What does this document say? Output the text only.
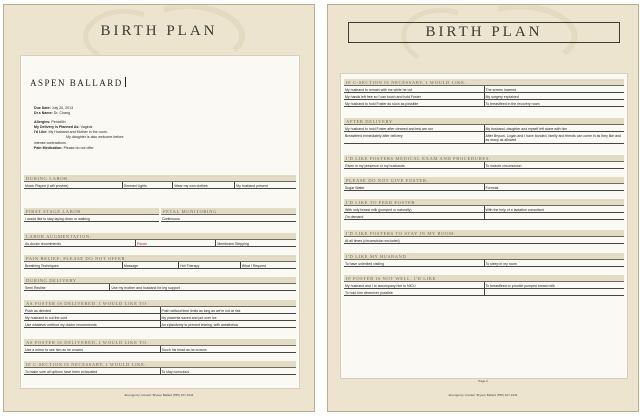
BIRTH PLAN
ASPEN BALLARD
Due Date: July 20, 2013
Dr.s Name: Dr. Chang
Allergies: Penicillin
My Delivery is Planned As: Vaginal
I'd Like: My Husband and Mother in the room.
My daughter is also welcome before
intense contractions
Pain Medication: Please do not offer
DURING LABOR
Music Played (I will provide)	Dimmed Lights	Wear my own clothes	My husband present
FIRST STAGE LABOR
I would like to stay laying down or walking
FETAL MONITORING
Continuous
LABOR AUGMENTATION:
As doctor recommends	Pitocin	Membrane Stripping
PAIN RELIEF: PLEASE DO NOT OFFER
Breathing Techniques	Massage	Hot Therapy	What I Request
DURING DELIVERY
Semi Recline	Use my mother and husband for leg support
AS FOSTER IS DELIVERED, I WOULD LIKE TO:
Push as directed	Push without time limits as long as we're not at risk
My husband to cut the cord	My placenta saved and put over ice
Use whatever method my doctor recommends	An episiotomy to prevent tearing, with anesthesia
AS FOSTER IS DELIVERED, I WOULD LIKE TO:
Use a mirror to see him as he crowns	Touch his head as he crowns
IF C-SECTION IS NECESSARY, I WOULD LIKE:
To make sure all options have been exhausted	To stay conscious
Emergency Contact: Bryson Ballard (555) 427-1944
BIRTH PLAN
IF C-SECTION IS NECESSARY, I WOULD LIKE:
My husband to remain with me while he cut	The screen lowered
My hands left free so I can touch and hold Foster	My surgery explained
My husband to hold Foster as soon as possible	To breastfeed in the recovery room
AFTER DELIVERY
My husband to hold Foster after cleaned and test are run	My husband, daughter and myself left alone with him
Breastfeed immediately after delivery	After Bryson, Logan and I have bonded, family and friends can come in as they like and as many as allowed
I'D LIKE FOSTERS MEDICAL EXAM AND PROCEDURES:
Given in my presence or my husbands	To include circumcision
PLEASE DO NOT GIVE FOSTER:
Sugar Water	Formula
I'D LIKE TO FEED FOSTER
With only breast milk (pumped or naturally)	With the help of a lactation consultant
On demand
I'D LIKE FOSTERS TO STAY IN MY ROOM:
At all times (circumcision excluded)
I'D LIKE MY HUSBAND
To have unlimited visiting	To sleep in my room
IF FOSTER IS NOT WELL, I'D LIKE
My husband and I to accompany him to NICU	To breastfeed or provide pumped breast milk
To hold him whenever possible
Page 2
Emergency Contact: Bryson Ballard (555) 427-1944
